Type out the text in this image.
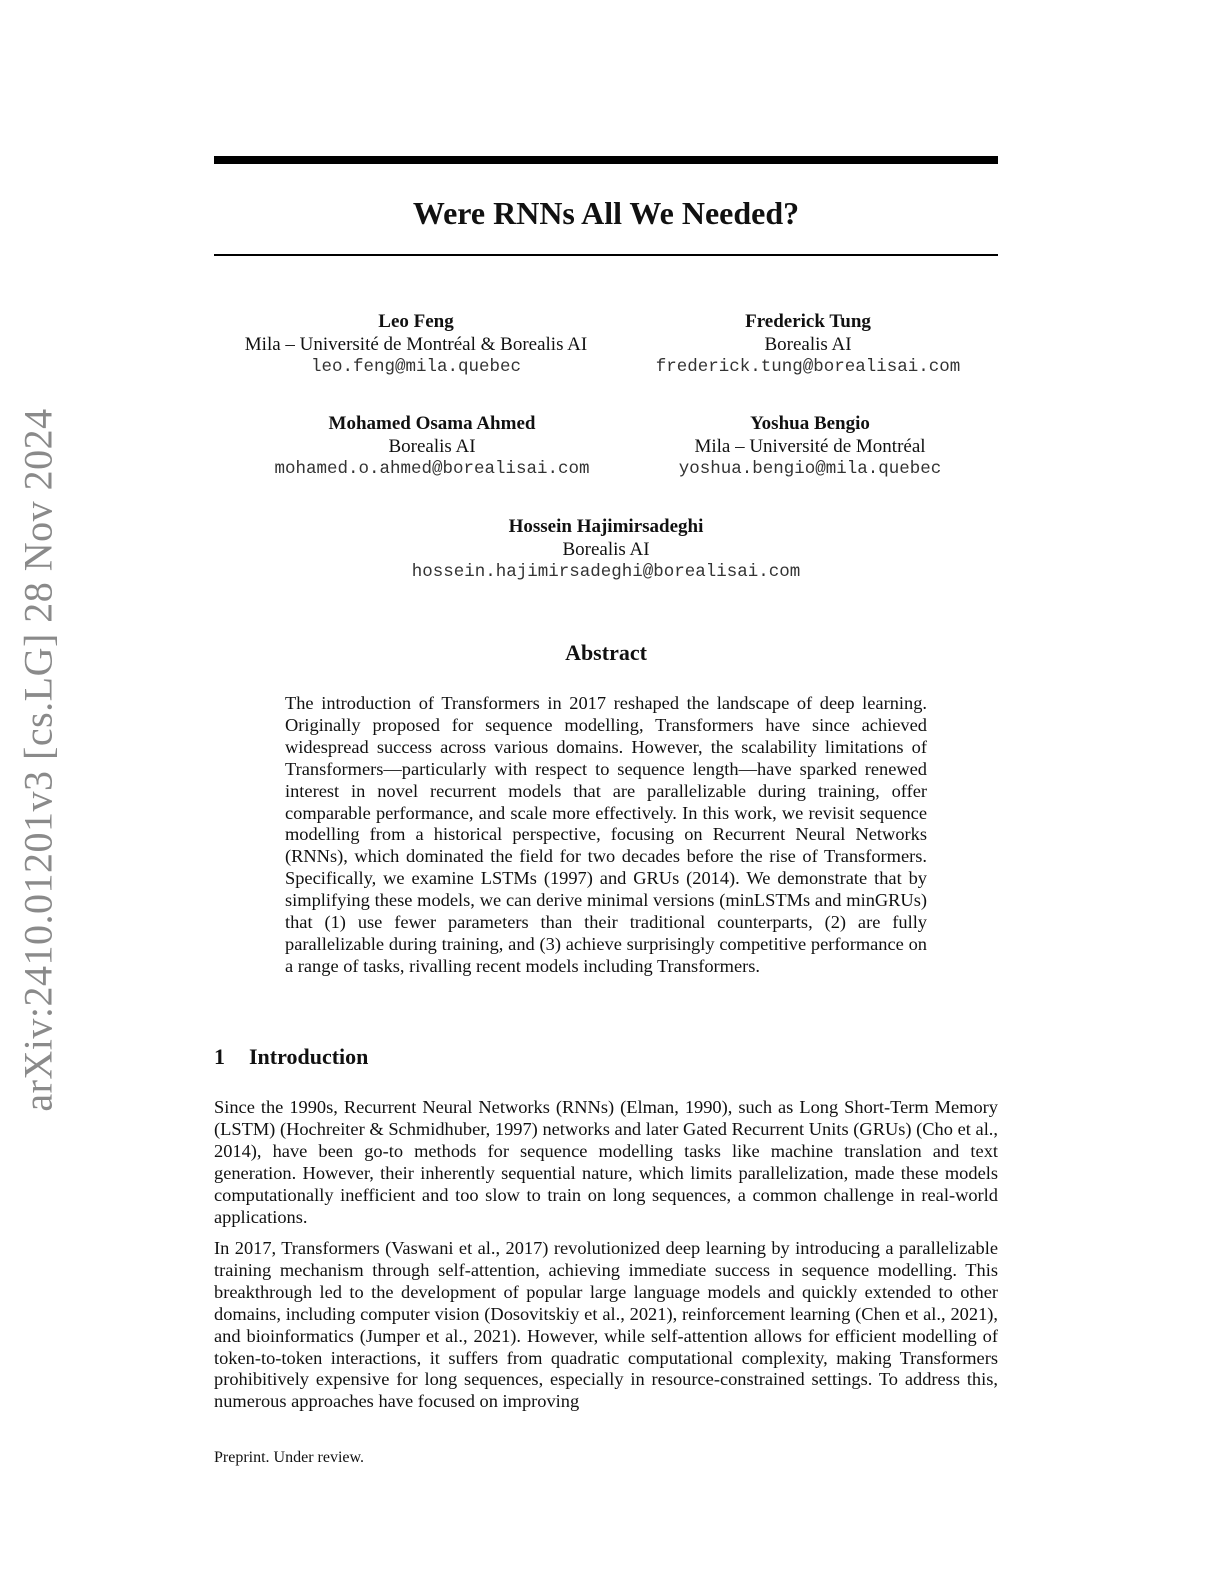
arXiv:2410.01201v3 [cs.LG] 28 Nov 2024
Were RNNs All We Needed?
Leo Feng
Mila – Université de Montréal & Borealis AI
leo.feng@mila.quebec
Frederick Tung
Borealis AI
frederick.tung@borealisai.com
Mohamed Osama Ahmed
Borealis AI
mohamed.o.ahmed@borealisai.com
Yoshua Bengio
Mila – Université de Montréal
yoshua.bengio@mila.quebec
Hossein Hajimirsadeghi
Borealis AI
hossein.hajimirsadeghi@borealisai.com
Abstract
The introduction of Transformers in 2017 reshaped the landscape of deep learning. Originally proposed for sequence modelling, Transformers have since achieved widespread success across various domains. However, the scalability limitations of Transformers—particularly with respect to sequence length—have sparked renewed interest in novel recurrent models that are parallelizable during training, offer comparable performance, and scale more effectively. In this work, we revisit sequence modelling from a historical perspective, focusing on Recurrent Neural Networks (RNNs), which dominated the field for two decades before the rise of Transformers. Specifically, we examine LSTMs (1997) and GRUs (2014). We demonstrate that by simplifying these models, we can derive minimal versions (minLSTMs and minGRUs) that (1) use fewer parameters than their traditional counterparts, (2) are fully parallelizable during training, and (3) achieve surprisingly competitive performance on a range of tasks, rivalling recent models including Transformers.
1 Introduction
Since the 1990s, Recurrent Neural Networks (RNNs) (Elman, 1990), such as Long Short-Term Memory (LSTM) (Hochreiter & Schmidhuber, 1997) networks and later Gated Recurrent Units (GRUs) (Cho et al., 2014), have been go-to methods for sequence modelling tasks like machine translation and text generation. However, their inherently sequential nature, which limits parallelization, made these models computationally inefficient and too slow to train on long sequences, a common challenge in real-world applications.
In 2017, Transformers (Vaswani et al., 2017) revolutionized deep learning by introducing a parallelizable training mechanism through self-attention, achieving immediate success in sequence modelling. This breakthrough led to the development of popular large language models and quickly extended to other domains, including computer vision (Dosovitskiy et al., 2021), reinforcement learning (Chen et al., 2021), and bioinformatics (Jumper et al., 2021). However, while self-attention allows for efficient modelling of token-to-token interactions, it suffers from quadratic computational complexity, making Transformers prohibitively expensive for long sequences, especially in resource-constrained settings. To address this, numerous approaches have focused on improving
Preprint. Under review.
